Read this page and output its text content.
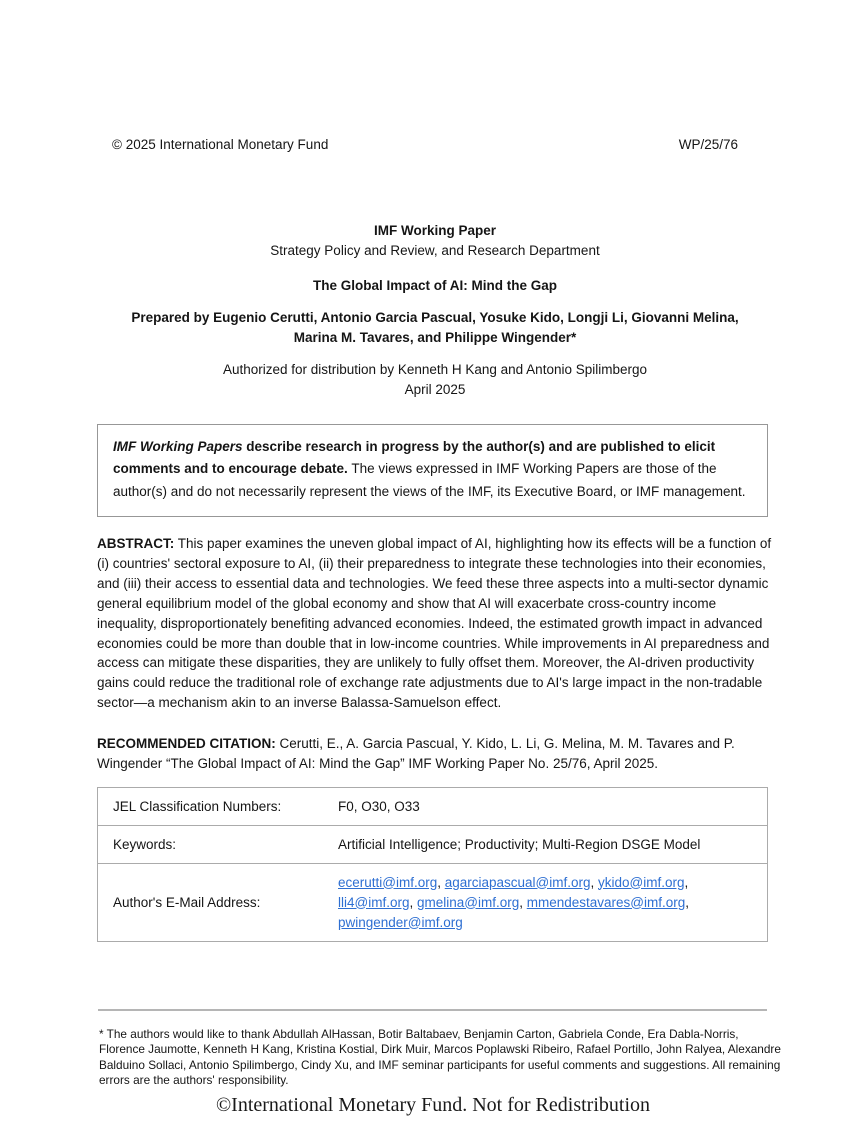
© 2025 International Monetary Fund	WP/25/76
IMF Working Paper
Strategy Policy and Review, and Research Department
The Global Impact of AI: Mind the Gap
Prepared by Eugenio Cerutti, Antonio Garcia Pascual, Yosuke Kido, Longji Li, Giovanni Melina,
Marina M. Tavares, and Philippe Wingender*
Authorized for distribution by Kenneth H Kang and Antonio Spilimbergo
April 2025
IMF Working Papers describe research in progress by the author(s) and are published to elicit comments and to encourage debate. The views expressed in IMF Working Papers are those of the author(s) and do not necessarily represent the views of the IMF, its Executive Board, or IMF management.
ABSTRACT: This paper examines the uneven global impact of AI, highlighting how its effects will be a function of (i) countries' sectoral exposure to AI, (ii) their preparedness to integrate these technologies into their economies, and (iii) their access to essential data and technologies. We feed these three aspects into a multi-sector dynamic general equilibrium model of the global economy and show that AI will exacerbate cross-country income inequality, disproportionately benefiting advanced economies. Indeed, the estimated growth impact in advanced economies could be more than double that in low-income countries. While improvements in AI preparedness and access can mitigate these disparities, they are unlikely to fully offset them. Moreover, the AI-driven productivity gains could reduce the traditional role of exchange rate adjustments due to AI's large impact in the non-tradable sector—a mechanism akin to an inverse Balassa-Samuelson effect.
RECOMMENDED CITATION: Cerutti, E., A. Garcia Pascual, Y. Kido, L. Li, G. Melina, M. M. Tavares and P. Wingender “The Global Impact of AI: Mind the Gap” IMF Working Paper No. 25/76, April 2025.
JEL Classification Numbers:	F0, O30, O33
Keywords:	Artificial Intelligence; Productivity; Multi-Region DSGE Model
Author's E-Mail Address:
ecerutti@imf.org, agarciapascual@imf.org, ykido@imf.org, lli4@imf.org, gmelina@imf.org, mmendestavares@imf.org, pwingender@imf.org
* The authors would like to thank Abdullah AlHassan, Botir Baltabaev, Benjamin Carton, Gabriela Conde, Era Dabla-Norris, Florence Jaumotte, Kenneth H Kang, Kristina Kostial, Dirk Muir, Marcos Poplawski Ribeiro, Rafael Portillo, John Ralyea, Alexandre Balduino Sollaci, Antonio Spilimbergo, Cindy Xu, and IMF seminar participants for useful comments and suggestions. All remaining errors are the authors' responsibility.
©International Monetary Fund. Not for Redistribution
